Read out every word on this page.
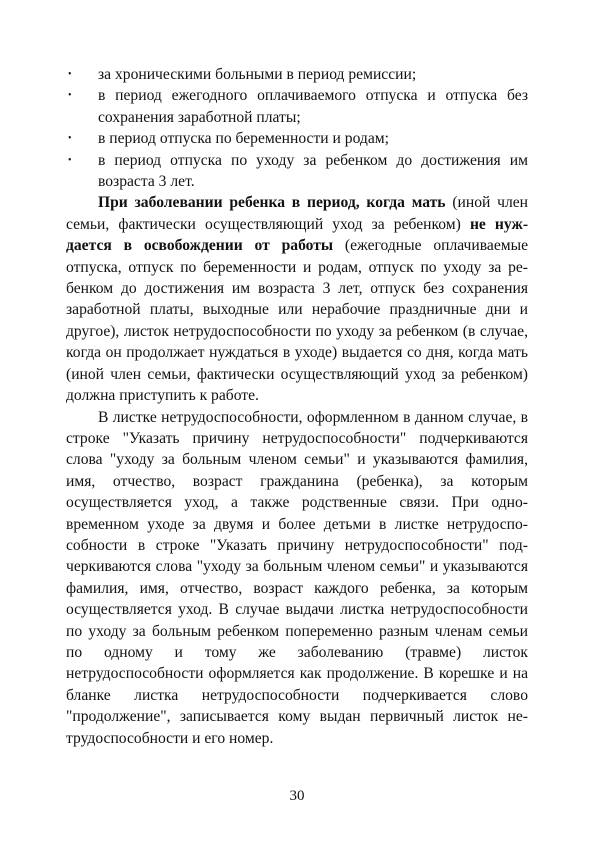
• за хроническими больными в период ремиссии;
• в период ежегодного оплачиваемого отпуска и отпуска без сохранения заработной платы;
• в период отпуска по беременности и родам;
• в период отпуска по уходу за ребенком до достижения им возраста 3 лет.

При заболевании ребенка в период, когда мать (иной член семьи, фактически осуществляющий уход за ребенком) не нуждается в освобождении от работы (ежегодные оплачиваемые отпуска, отпуск по беременности и родам, отпуск по уходу за ребенком до достижения им возраста 3 лет, отпуск без сохранения заработной платы, выходные или нерабочие праздничные дни и другое), листок нетрудоспособности по уходу за ребенком (в случае, когда он продолжает нуждаться в уходе) выдается со дня, когда мать (иной член семьи, фактически осуществляющий уход за ребенком) должна приступить к работе.

В листке нетрудоспособности, оформленном в данном случае, в строке "Указать причину нетрудоспособности" подчеркиваются слова "уходу за больным членом семьи" и указываются фамилия, имя, отчество, возраст гражданина (ребенка), за которым осуществляется уход, а также родственные связи. При одновременном уходе за двумя и более детьми в листке нетрудоспособности в строке "Указать причину нетрудоспособности" подчеркиваются слова "уходу за больным членом семьи" и указываются фамилия, имя, отчество, возраст каждого ребенка, за которым осуществляется уход. В случае выдачи листка нетрудоспособности по уходу за больным ребенком попеременно разным членам семьи по одному и тому же заболеванию (травме) листок нетрудоспособности оформляется как продолжение. В корешке и на бланке листка нетрудоспособности подчеркивается слово "продолжение", записывается кому выдан первичный листок нетрудоспособности и его номер.

30
